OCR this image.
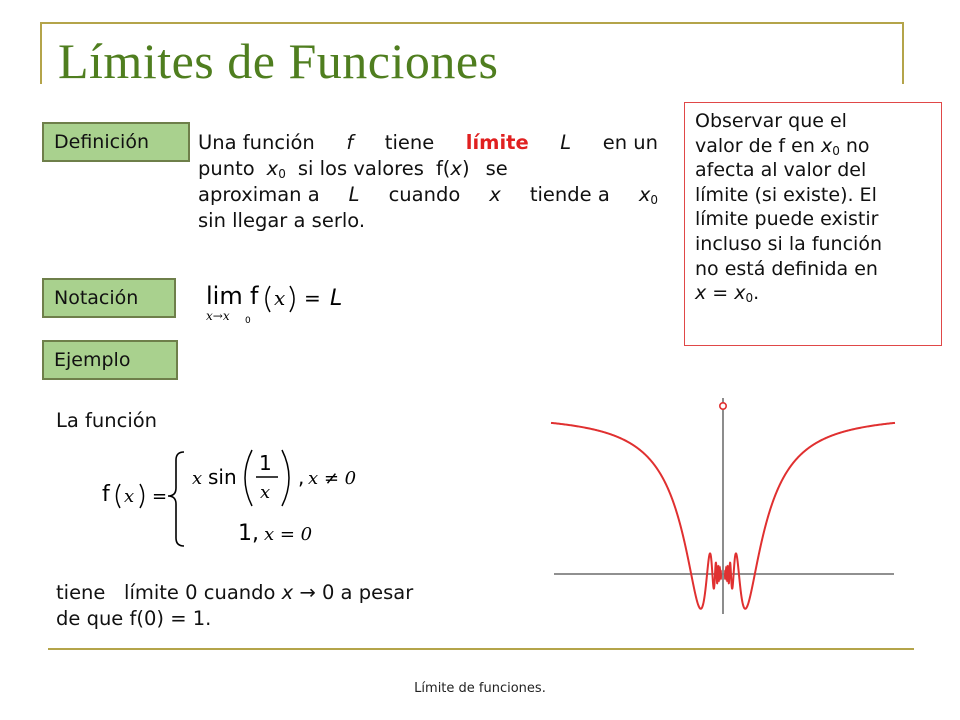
Límites de Funciones
Definición
Notación
Ejemplo
Una función f tiene límite L en un
punto $x_0$ si los valores f(x) se
aproximan a L cuando x tiende a $x_0$
sin llegar a serlo.
Observar que el
valor de f en $x_0$ no
afecta al valor del
límite (si existe). El
límite puede existir
incluso si la función
no está definida en
$x = x_0$.
lim
x→x 0
f x = L
La función
f x =
x sin
1
x
, x ≠ 0
1, x = 0
tiene límite 0 cuando x → 0 a pesar
de que f(0) = 1.
Límite de funciones.
